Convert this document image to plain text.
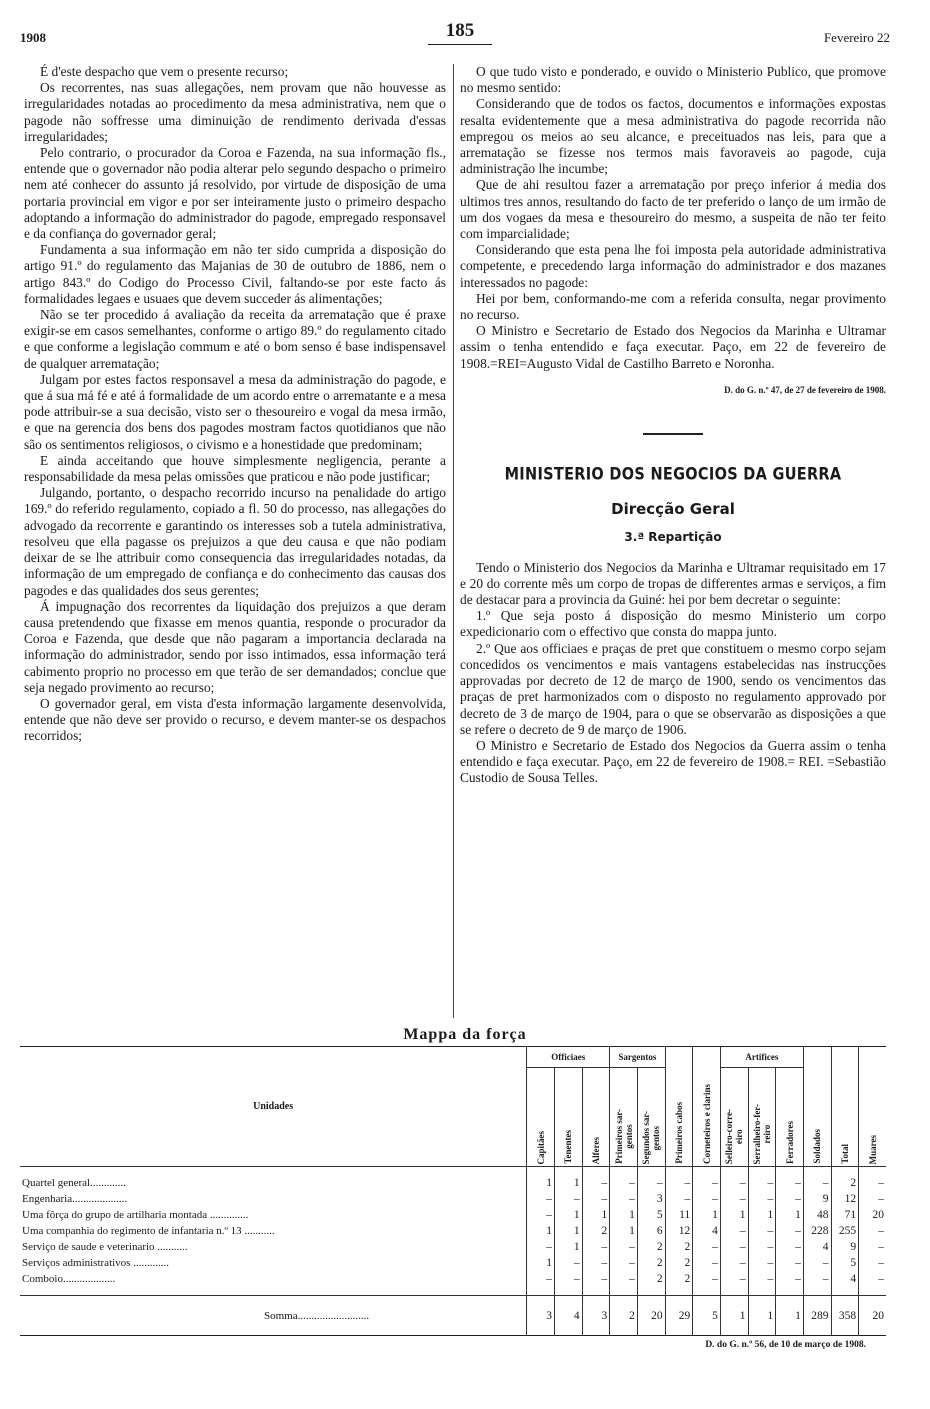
1908	185	Fevereiro 22

É d'este despacho que vem o presente recurso;

Os recorrentes, nas suas allegações, nem provam que não houvesse as irregularidades notadas ao procedimento da mesa administrativa, nem que o pagode não soffresse uma diminuição de rendimento derivada d'essas irregularidades;

Pelo contrario, o procurador da Coroa e Fazenda, na sua informação fls., entende que o governador não podia alterar pelo segundo despacho o primeiro nem até conhecer do assunto já resolvido, por virtude de disposição de uma portaria provincial em vigor e por ser inteiramente justo o primeiro despacho adoptando a informação do administrador do pagode, empregado responsavel e da confiança do governador geral;

Fundamenta a sua informação em não ter sido cumprida a disposição do artigo 91.º do regulamento das Majanias de 30 de outubro de 1886, nem o artigo 843.º do Codigo do Processo Civil, faltando-se por este facto ás formalidades legaes e usuaes que devem succeder ás alimentações;

Não se ter procedido á avaliação da receita da arrematação que é praxe exigir-se em casos semelhantes, conforme o artigo 89.º do regulamento citado e que conforme a legislação commum e até o bom senso é base indispensavel de qualquer arrematação;

Julgam por estes factos responsavel a mesa da administração do pagode, e que á sua má fé e até á formalidade de um acordo entre o arrematante e a mesa pode attribuir-se a sua decisão, visto ser o thesoureiro e vogal da mesa irmão, e que na gerencia dos bens dos pagodes mostram factos quotidianos que não são os sentimentos religiosos, o civismo e a honestidade que predominam;

E ainda acceitando que houve simplesmente negligencia, perante a responsabilidade da mesa pelas omissões que praticou e não pode justificar;

Julgando, portanto, o despacho recorrido incurso na penalidade do artigo 169.º do referido regulamento, copiado a fl. 50 do processo, nas allegações do advogado da recorrente e garantindo os interesses sob a tutela administrativa, resolveu que ella pagasse os prejuizos a que deu causa e que não podiam deixar de se lhe attribuir como consequencia das irregularidades notadas, da informação de um empregado de confiança e do conhecimento das causas dos pagodes e das qualidades dos seus gerentes;

Á impugnação dos recorrentes da liquidação dos prejuizos a que deram causa pretendendo que fixasse em menos quantia, responde o procurador da Coroa e Fazenda, que desde que não pagaram a importancia declarada na informação do administrador, sendo por isso intimados, essa informação terá cabimento proprio no processo em que terão de ser demandados; conclue que seja negado provimento ao recurso;

O governador geral, em vista d'esta informação largamente desenvolvida, entende que não deve ser provido o recurso, e devem manter-se os despachos recorridos;

O que tudo visto e ponderado, e ouvido o Ministerio Publico, que promove no mesmo sentido:

Considerando que de todos os factos, documentos e informações expostas resalta evidentemente que a mesa administrativa do pagode recorrida não empregou os meios ao seu alcance, e preceituados nas leis, para que a arrematação se fizesse nos termos mais favoraveis ao pagode, cuja administração lhe incumbe;

Que de ahi resultou fazer a arrematação por preço inferior á media dos ultimos tres annos, resultando do facto de ter preferido o lanço de um irmão de um dos vogaes da mesa e thesoureiro do mesmo, a suspeita de não ter feito com imparcialidade;

Considerando que esta pena lhe foi imposta pela autoridade administrativa competente, e precedendo larga informação do administrador e dos mazanes interessados no pagode:

Hei por bem, conformando-me com a referida consulta, negar provimento no recurso.

O Ministro e Secretario de Estado dos Negocios da Marinha e Ultramar assim o tenha entendido e faça executar. Paço, em 22 de fevereiro de 1908.=REI=Augusto Vidal de Castilho Barreto e Noronha.

D. do G. n.º 47, de 27 de fevereiro de 1908.
MINISTERIO DOS NEGOCIOS DA GUERRA
Direcção Geral
3.ª Repartição

Tendo o Ministerio dos Negocios da Marinha e Ultramar requisitado em 17 e 20 do corrente mês um corpo de tropas de differentes armas e serviços, a fim de destacar para a provincia da Guiné: hei por bem decretar o seguinte:

1.º Que seja posto á disposição do mesmo Ministerio um corpo expedicionario com o effectivo que consta do mappa junto.

2.º Que aos officiaes e praças de pret que constituem o mesmo corpo sejam concedidos os vencimentos e mais vantagens estabelecidas nas instrucções approvadas por decreto de 12 de março de 1900, sendo os vencimentos das praças de pret harmonizados com o disposto no regulamento approvado por decreto de 3 de março de 1904, para o que se observarão as disposições a que se refere o decreto de 9 de março de 1906.

O Ministro e Secretario de Estado dos Negocios da Guerra assim o tenha entendido e faça executar. Paço, em 22 de fevereiro de 1908.= REI. =Sebastião Custodio de Sousa Telles.

Mappa da força
Unidades	Officiaes			Sargentos		Primeiros cabos	Corneteiros e clarins	Artifices			Soldados	Total	Muares
	Capitães	Tenentes	Alferes	Primeiros sar-
gentos	Segundos sar-
gentos			Selleiro-corre-
eiro	Serralheiro-fer-
reiro	Ferradores			

Quartel general.............	1	1	–	–	–	–	–	–	–	–	–	2	–
Engenharia....................	–	–	–	–	3	–	–	–	–	–	9	12	–
Uma fôrça do grupo de artilharia montada ..............	–	1	1	1	5	11	1	1	1	1	48	71	20
Uma companhia do regimento de infantaria n.º 13 ...........	1	1	2	1	6	12	4	–	–	–	228	255	–
Serviço de saude e veterinario ...........	–	1	–	–	2	2	–	–	–	–	4	9	–
Serviços administrativos .............	1	–	–	–	2	2	–	–	–	–	–	5	–
Comboio...................	–	–	–	–	2	2	–	–	–	–	–	4	–

Somma..........................	3	4	3	2	20	29	5	1	1	1	289	358	20
D. do G. n.º 56, de 10 de março de 1908.
